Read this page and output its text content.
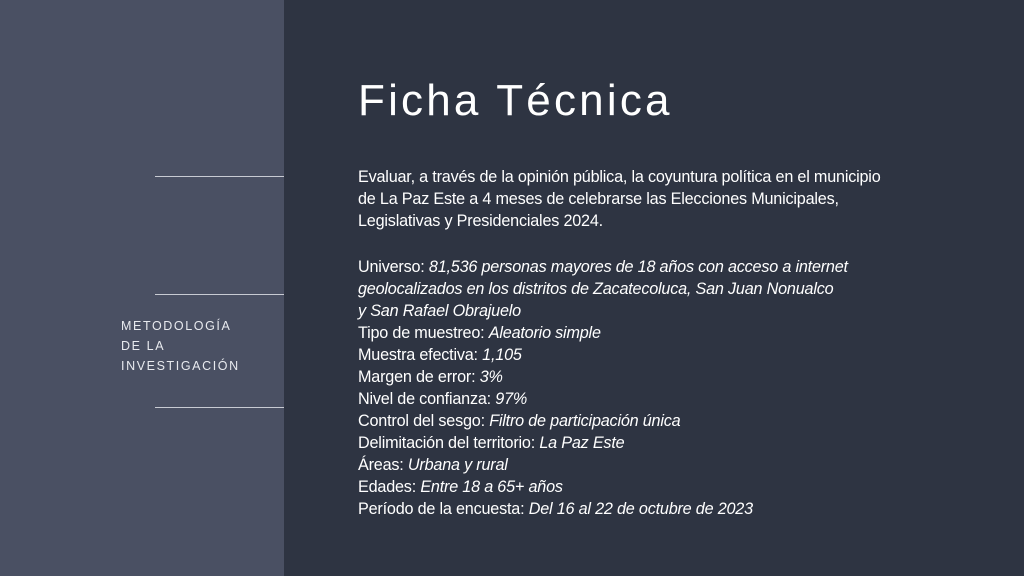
METODOLOGÍA
DE LA
INVESTIGACIÓN
Ficha Técnica

Evaluar, a través de la opinión pública, la coyuntura política en el municipio
de La Paz Este a 4 meses de celebrarse las Elecciones Municipales,
Legislativas y Presidenciales 2024.

Universo: 81,536 personas mayores de 18 años con acceso a internet
geolocalizados en los distritos de Zacatecoluca, San Juan Nonualco
y San Rafael Obrajuelo
Tipo de muestreo: Aleatorio simple
Muestra efectiva: 1,105
Margen de error: 3%
Nivel de confianza: 97%
Control del sesgo: Filtro de participación única
Delimitación del territorio: La Paz Este
Áreas: Urbana y rural
Edades: Entre 18 a 65+ años
Período de la encuesta: Del 16 al 22 de octubre de 2023
